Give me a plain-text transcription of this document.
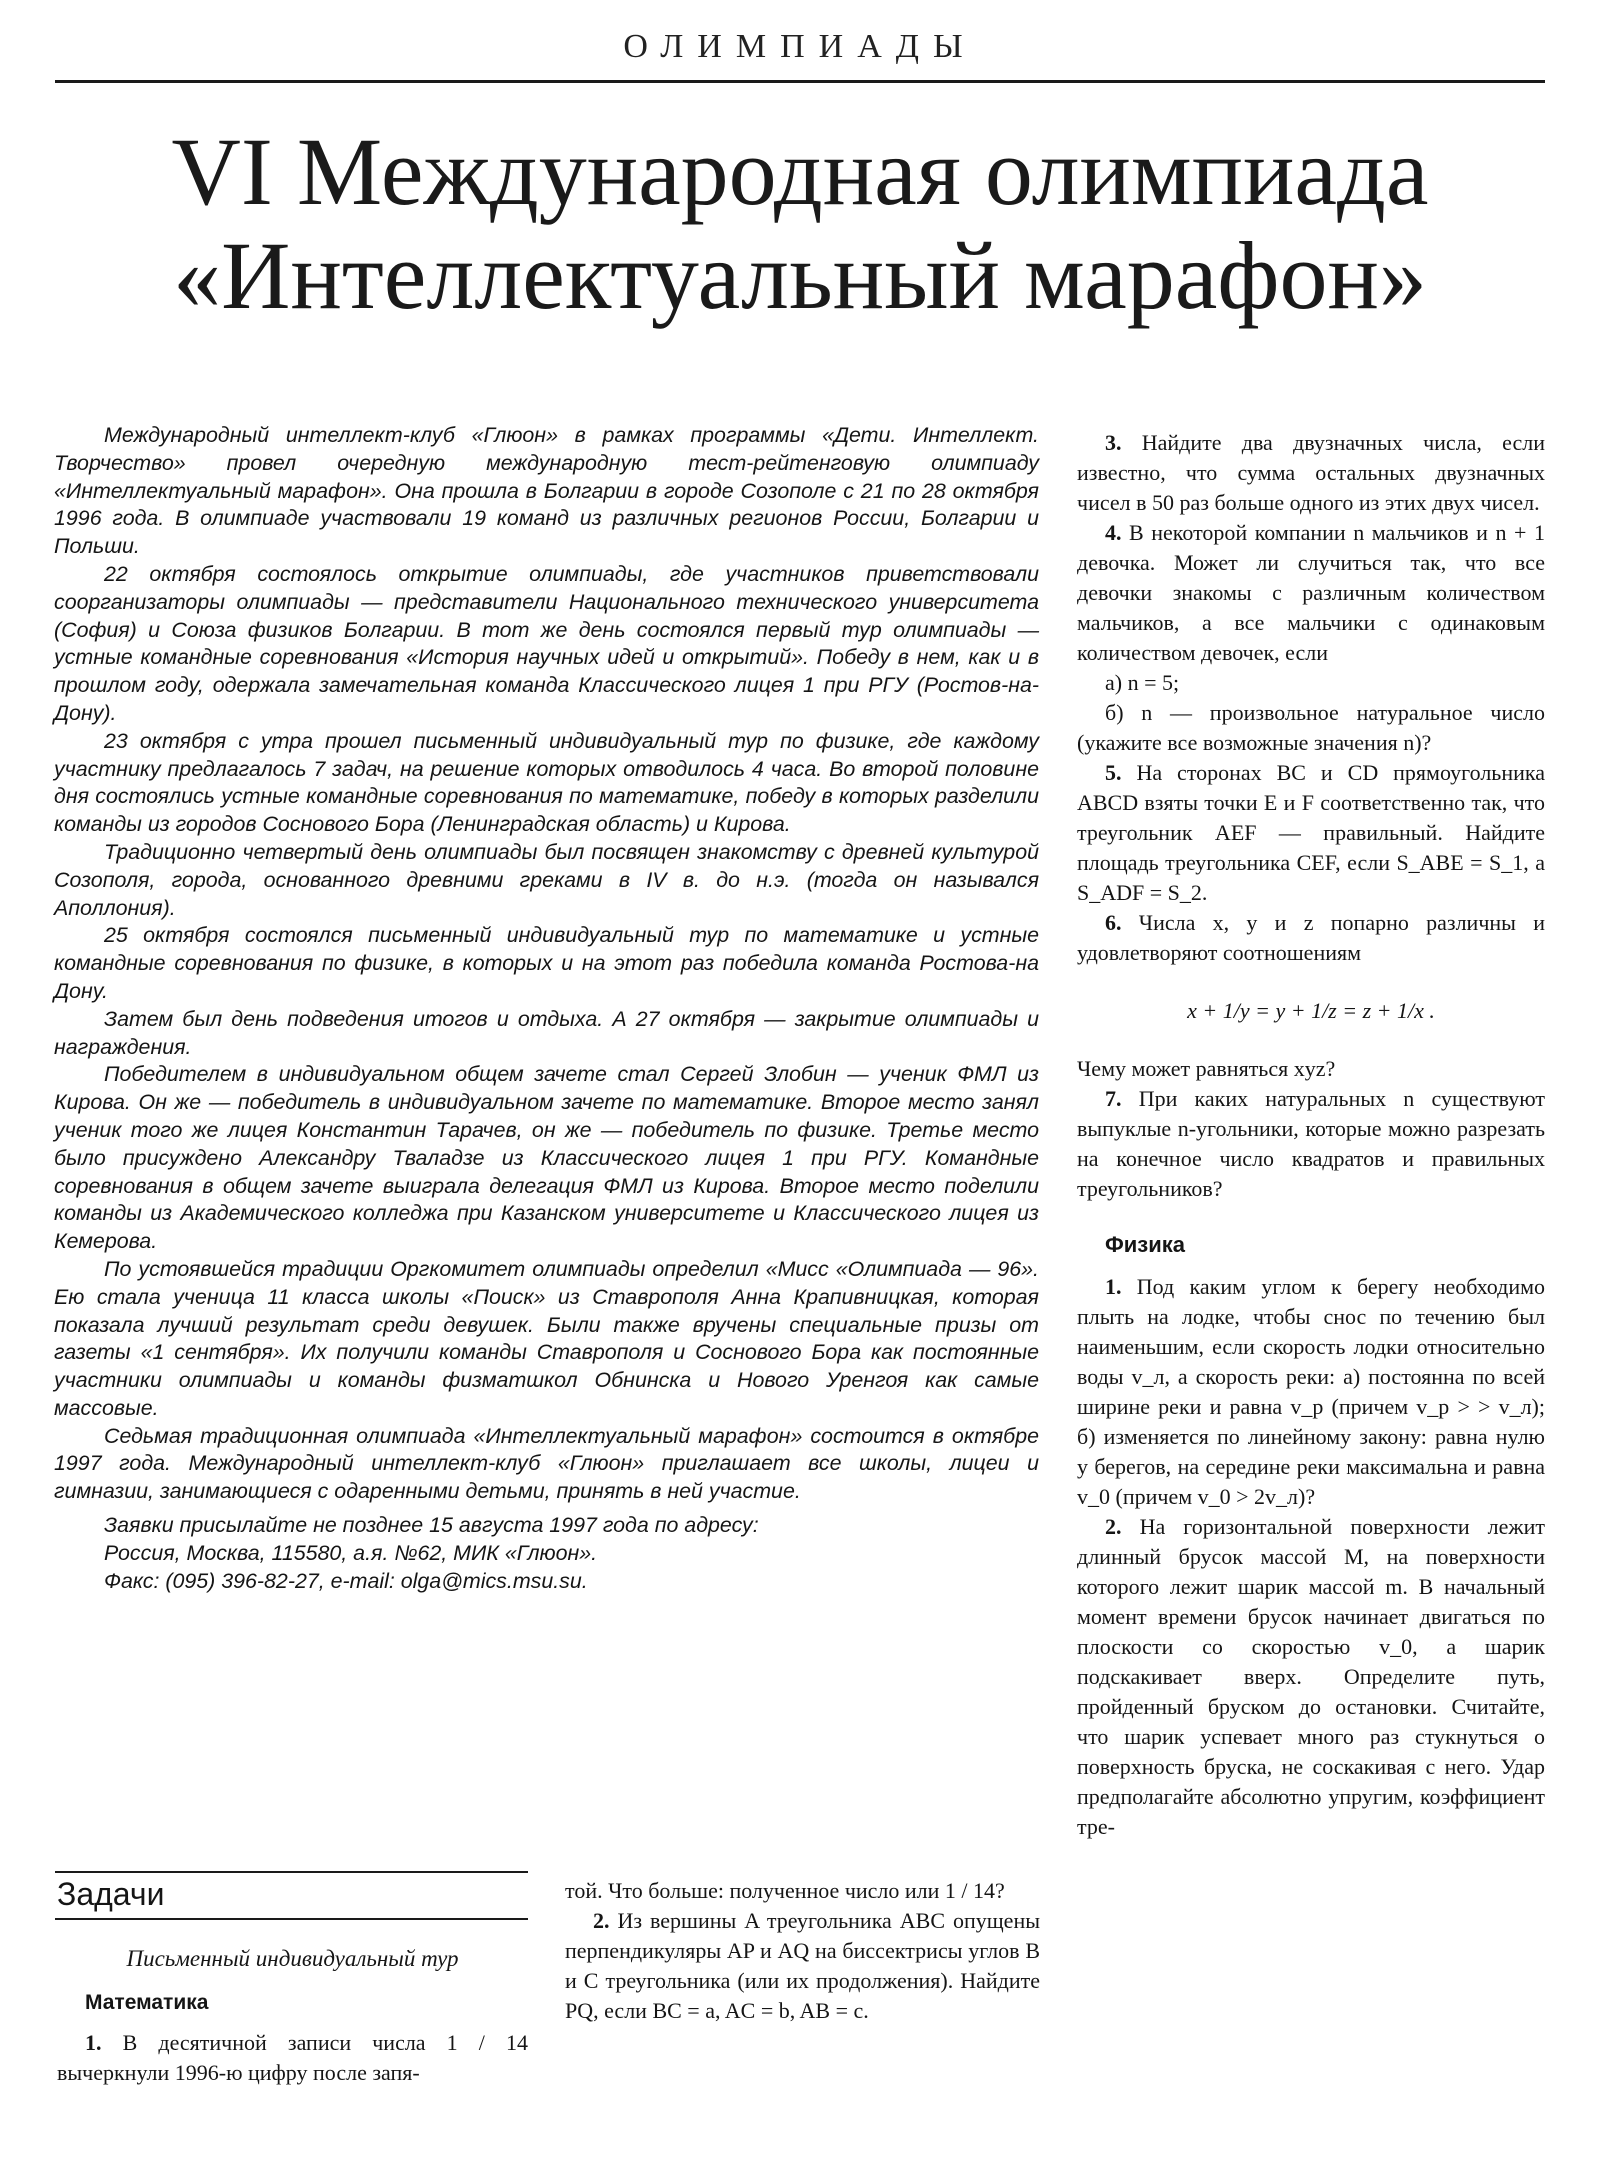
ОЛИМПИАДЫ
VI Международная олимпиада
«Интеллектуальный марафон»

Международный интеллект-клуб «Глюон» в рамках программы «Дети. Интеллект. Творчество» провел очередную международную тест-рейтенговую олимпиаду «Интеллектуальный марафон». Она прошла в Болгарии в городе Созополе с 21 по 28 октября 1996 года. В олимпиаде участвовали 19 команд из различных регионов России, Болгарии и Польши.

22 октября состоялось открытие олимпиады, где участников приветствовали соорганизаторы олимпиады — представители Национального технического университета (София) и Союза физиков Болгарии. В тот же день состоялся первый тур олимпиады — устные командные соревнования «История научных идей и открытий». Победу в нем, как и в прошлом году, одержала замечательная команда Классического лицея 1 при РГУ (Ростов-на-Дону).

23 октября с утра прошел письменный индивидуальный тур по физике, где каждому участнику предлагалось 7 задач, на решение которых отводилось 4 часа. Во второй половине дня состоялись устные командные соревнования по математике, победу в которых разделили команды из городов Соснового Бора (Ленинградская область) и Кирова.

Традиционно четвертый день олимпиады был посвящен знакомству с древней культурой Созополя, города, основанного древними греками в IV в. до н.э. (тогда он назывался Аполлония).

25 октября состоялся письменный индивидуальный тур по математике и устные командные соревнования по физике, в которых и на этот раз победила команда Ростова-на Дону.

Затем был день подведения итогов и отдыха. А 27 октября — закрытие олимпиады и награждения.

Победителем в индивидуальном общем зачете стал Сергей Злобин — ученик ФМЛ из Кирова. Он же — победитель в индивидуальном зачете по математике. Второе место занял ученик того же лицея Константин Тарачев, он же — победитель по физике. Третье место было присуждено Александру Тваладзе из Классического лицея 1 при РГУ. Командные соревнования в общем зачете выиграла делегация ФМЛ из Кирова. Второе место поделили команды из Академического колледжа при Казанском университете и Классического лицея из Кемерова.

По устоявшейся традиции Оргкомитет олимпиады определил «Мисс «Олимпиада — 96». Ею стала ученица 11 класса школы «Поиск» из Ставрополя Анна Крапивницкая, которая показала лучший результат среди девушек. Были также вручены специальные призы от газеты «1 сентября». Их получили команды Ставрополя и Соснового Бора как постоянные участники олимпиады и команды физматшкол Обнинска и Нового Уренгоя как самые массовые.

Седьмая традиционная олимпиада «Интеллектуальный марафон» состоится в октябре 1997 года. Международный интеллект-клуб «Глюон» приглашает все школы, лицеи и гимназии, занимающиеся с одаренными детьми, принять в ней участие.

Заявки присылайте не позднее 15 августа 1997 года по адресу:

Россия, Москва, 115580, а.я. №62, МИК «Глюон».

Факс: (095) 396-82-27, e-mail: olga@mics.msu.su.

3. Найдите два двузначных числа, если известно, что сумма остальных двузначных чисел в 50 раз больше одного из этих двух чисел.

4. В некоторой компании n мальчиков и n + 1 девочка. Может ли случиться так, что все девочки знакомы с различным количеством мальчиков, а все мальчики с одинаковым количеством девочек, если

а) n = 5;

б) n — произвольное натуральное число (укажите все возможные значения n)?

5. На сторонах BC и CD прямоугольника ABCD взяты точки E и F соответственно так, что треугольник AEF — правильный. Найдите площадь треугольника CEF, если S_ABE = S_1, а S_ADF = S_2.

6. Числа x, y и z попарно различны и удовлетворяют соотношениям

x + 1/y = y + 1/z = z + 1/x .

Чему может равняться xyz?

7. При каких натуральных n существуют выпуклые n-угольники, которые можно разрезать на конечное число квадратов и правильных треугольников?

Физика

1. Под каким углом к берегу необходимо плыть на лодке, чтобы снос по течению был наименьшим, если скорость лодки относительно воды v_л, а скорость реки: а) постоянна по всей ширине реки и равна v_р (причем v_р > > v_л); б) изменяется по линейному закону: равна нулю у берегов, на середине реки максимальна и равна v_0 (причем v_0 > 2v_л)?

2. На горизонтальной поверхности лежит длинный брусок массой M, на поверхности которого лежит шарик массой m. В начальный момент времени брусок начинает двигаться по плоскости со скоростью v_0, а шарик подскакивает вверх. Определите путь, пройденный бруском до остановки. Считайте, что шарик успевает много раз стукнуться о поверхность бруска, не соскакивая с него. Удар предполагайте абсолютно упругим, коэффициент тре-

Задачи

Письменный индивидуальный тур

Математика

1. В десятичной записи числа 1 / 14 вычеркнули 1996-ю цифру после запя-

той. Что больше: полученное число или 1 / 14?

2. Из вершины A треугольника ABC опущены перпендикуляры AP и AQ на биссектрисы углов B и C треугольника (или их продолжения). Найдите PQ, если BC = a, AC = b, AB = c.
